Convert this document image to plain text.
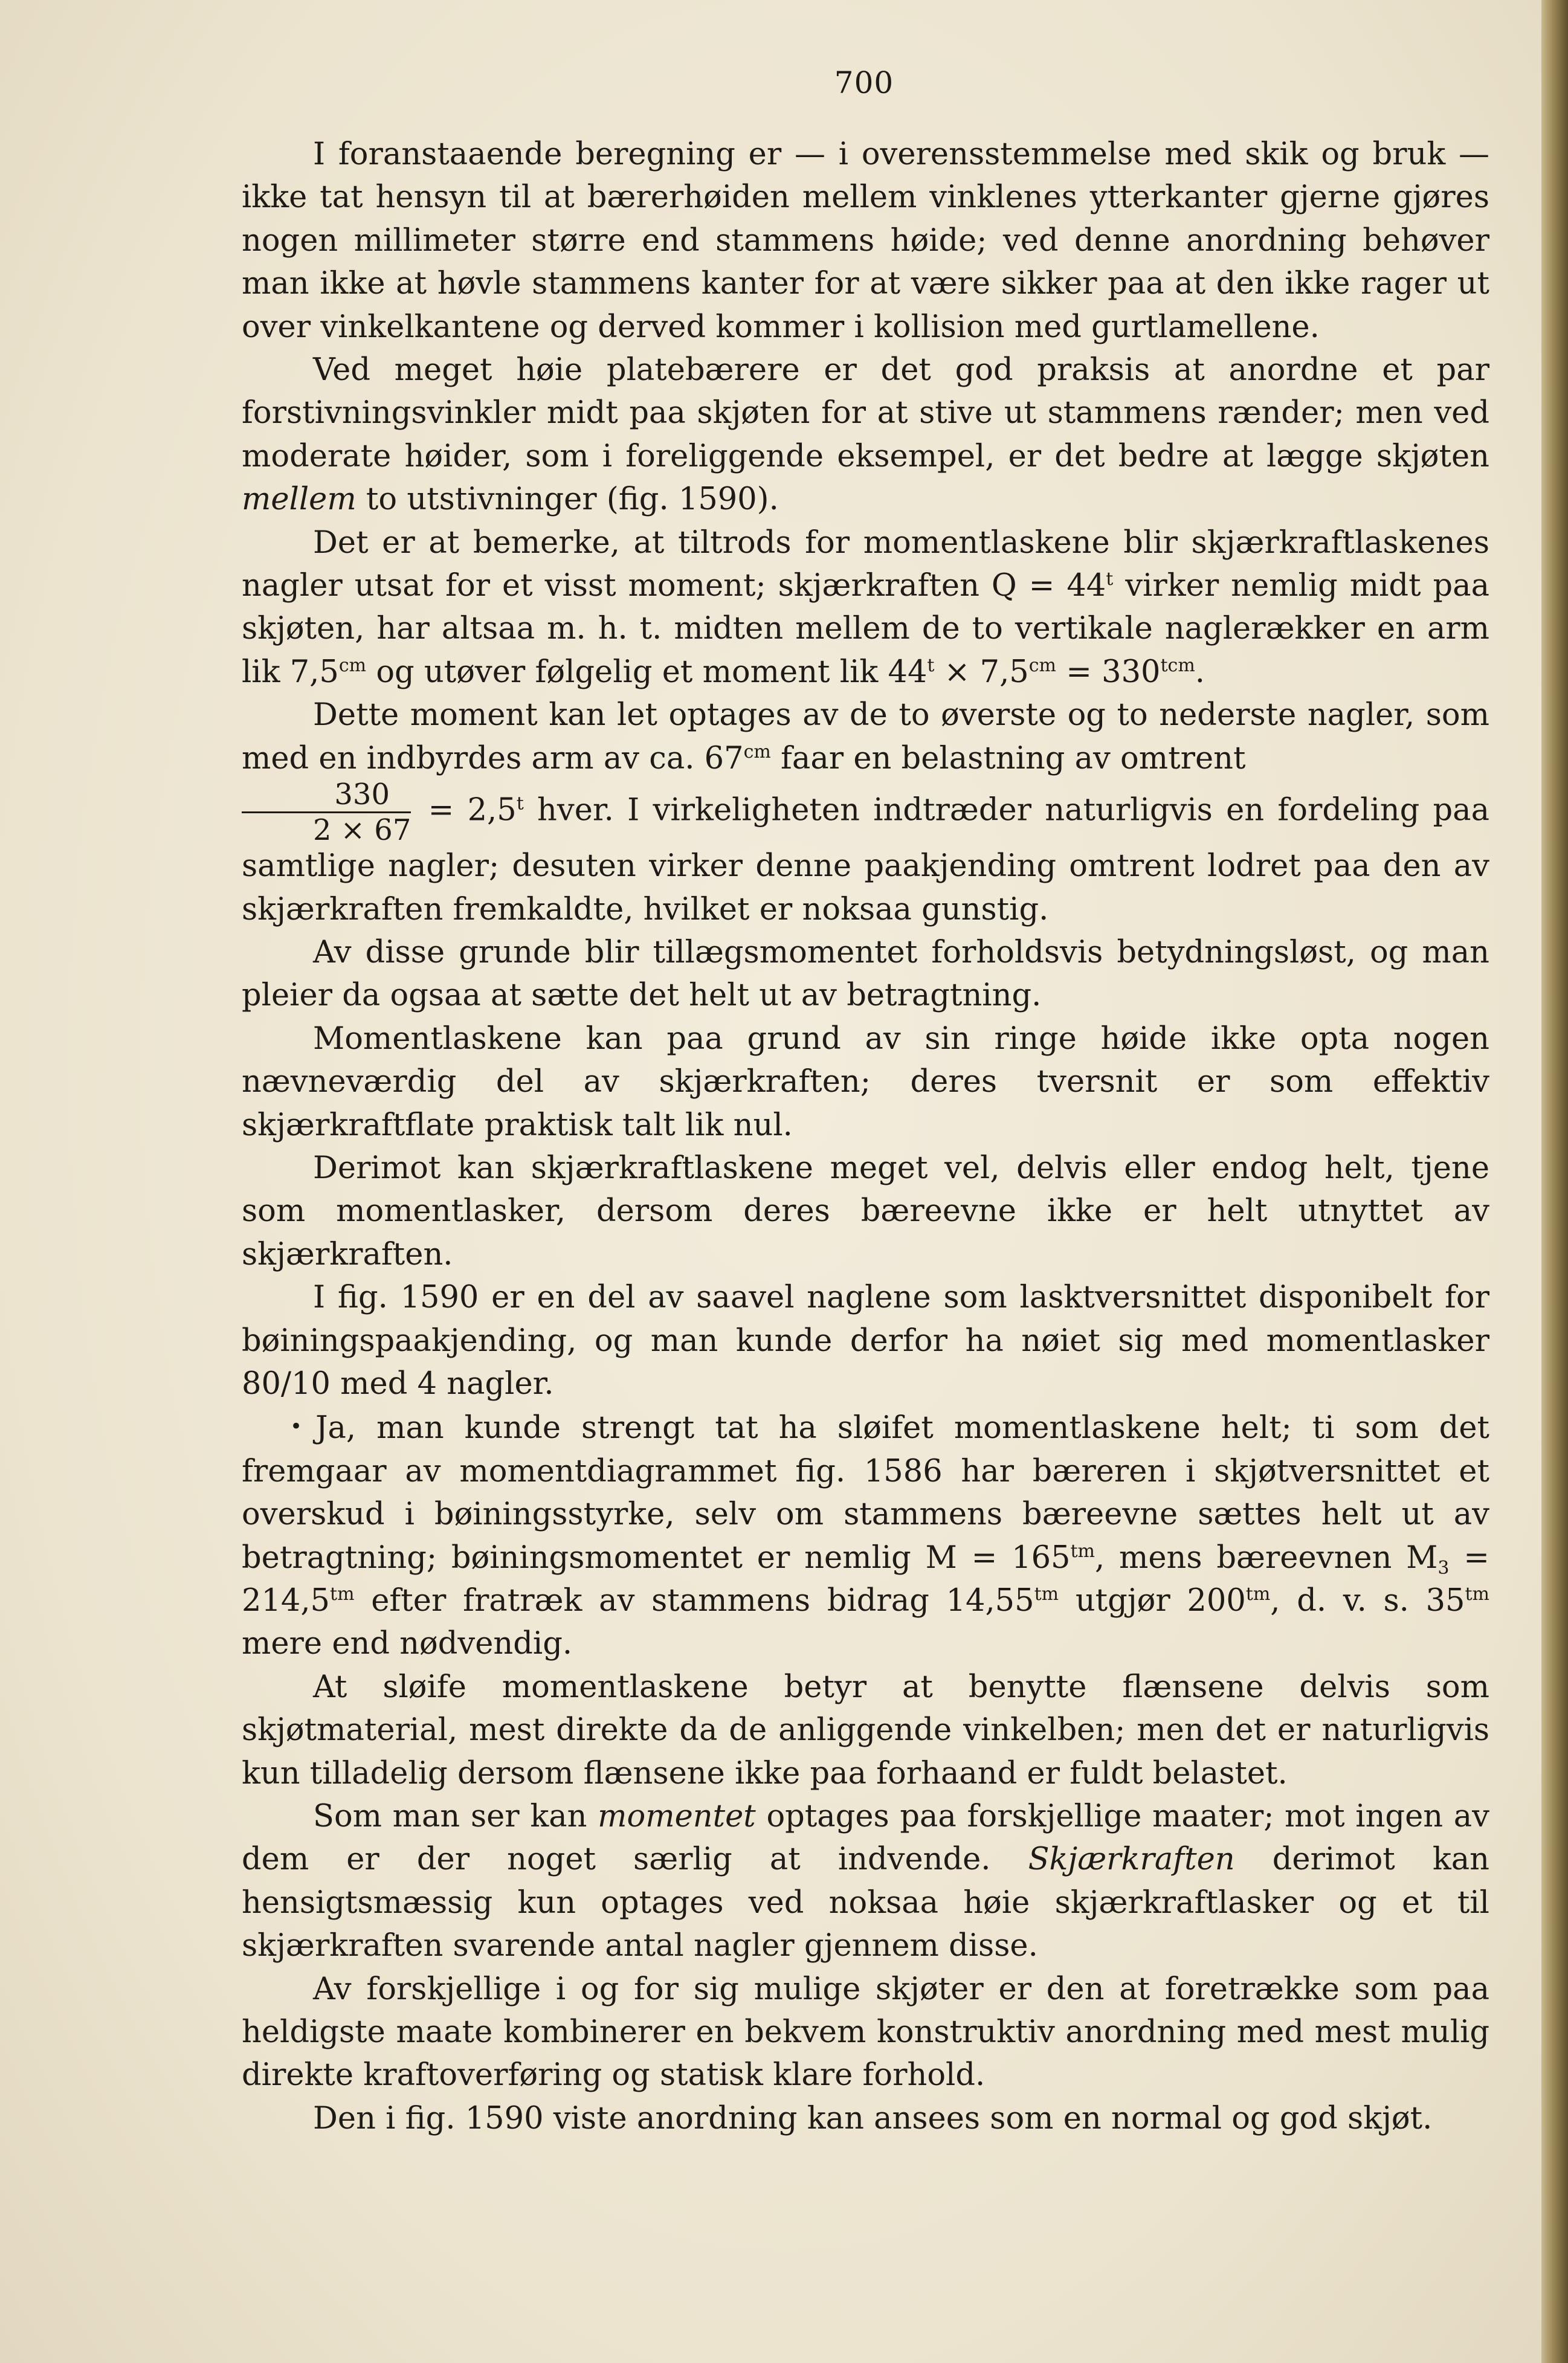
700

I foranstaaende beregning er — i overensstemmelse med skik og bruk — ikke tat hensyn til at bærerhøiden mellem vinklenes ytterkanter gjerne gjøres nogen millimeter større end stammens høide; ved denne anordning behøver man ikke at høvle stammens kanter for at være sikker paa at den ikke rager ut over vinkelkantene og derved kommer i kollision med gurtlamellene.

Ved meget høie platebærere er det god praksis at anordne et par forstivningsvinkler midt paa skjøten for at stive ut stammens rænder; men ved moderate høider, som i foreliggende eksempel, er det bedre at lægge skjøten mellem to utstivninger (fig. 1590).

Det er at bemerke, at tiltrods for momentlaskene blir skjærkraftlaskenes nagler utsat for et visst moment; skjærkraften $Q = 44^t$ virker nemlig midt paa skjøten, har altsaa m. h. t. midten mellem de to vertikale naglerækker en arm lik $7,5^{cm}$ og utøver følgelig et moment lik $44^t \times 7,5^{cm} = 330^{tcm}$.

Dette moment kan let optages av de to øverste og to nederste nagler, som med en indbyrdes arm av ca. $67^{cm}$ faar en belastning av omtrent

$\frac{330}{2 \times 67} = 2,5^t$ hver. I virkeligheten indtræder naturligvis en fordeling paa samtlige nagler; desuten virker denne paakjending omtrent lodret paa den av skjærkraften fremkaldte, hvilket er noksaa gunstig.

Av disse grunde blir tillægsmomentet forholdsvis betydningsløst, og man pleier da ogsaa at sætte det helt ut av betragtning.

Momentlaskene kan paa grund av sin ringe høide ikke opta nogen nævneværdig del av skjærkraften; deres tversnit er som effektiv skjærkraftflate praktisk talt lik nul.

Derimot kan skjærkraftlaskene meget vel, delvis eller endog helt, tjene som momentlasker, dersom deres bæreevne ikke er helt utnyttet av skjærkraften.

I fig. 1590 er en del av saavel naglene som lasktversnittet disponibelt for bøiningspaakjending, og man kunde derfor ha nøiet sig med momentlasker 80/10 med 4 nagler.

• Ja, man kunde strengt tat ha sløifet momentlaskene helt; ti som det fremgaar av momentdiagrammet fig. 1586 har bæreren i skjøtversnittet et overskud i bøiningsstyrke, selv om stammens bæreevne sættes helt ut av betragtning; bøiningsmomentet er nemlig $M = 165^{tm}$, mens bæreevnen $M_3 = 214,5^{tm}$ efter fratræk av stammens bidrag $14,55^{tm}$ utgjør $200^{tm}$, d. v. s. $35^{tm}$ mere end nødvendig.

At sløife momentlaskene betyr at benytte flænsene delvis som skjøtmaterial, mest direkte da de anliggende vinkelben; men det er naturligvis kun tilladelig dersom flænsene ikke paa forhaand er fuldt belastet.

Som man ser kan momentet optages paa forskjellige maater; mot ingen av dem er der noget særlig at indvende. Skjærkraften derimot kan hensigtsmæssig kun optages ved noksaa høie skjærkraftlasker og et til skjærkraften svarende antal nagler gjennem disse.

Av forskjellige i og for sig mulige skjøter er den at foretrække som paa heldigste maate kombinerer en bekvem konstruktiv anordning med mest mulig direkte kraftoverføring og statisk klare forhold.

Den i fig. 1590 viste anordning kan ansees som en normal og god skjøt.
